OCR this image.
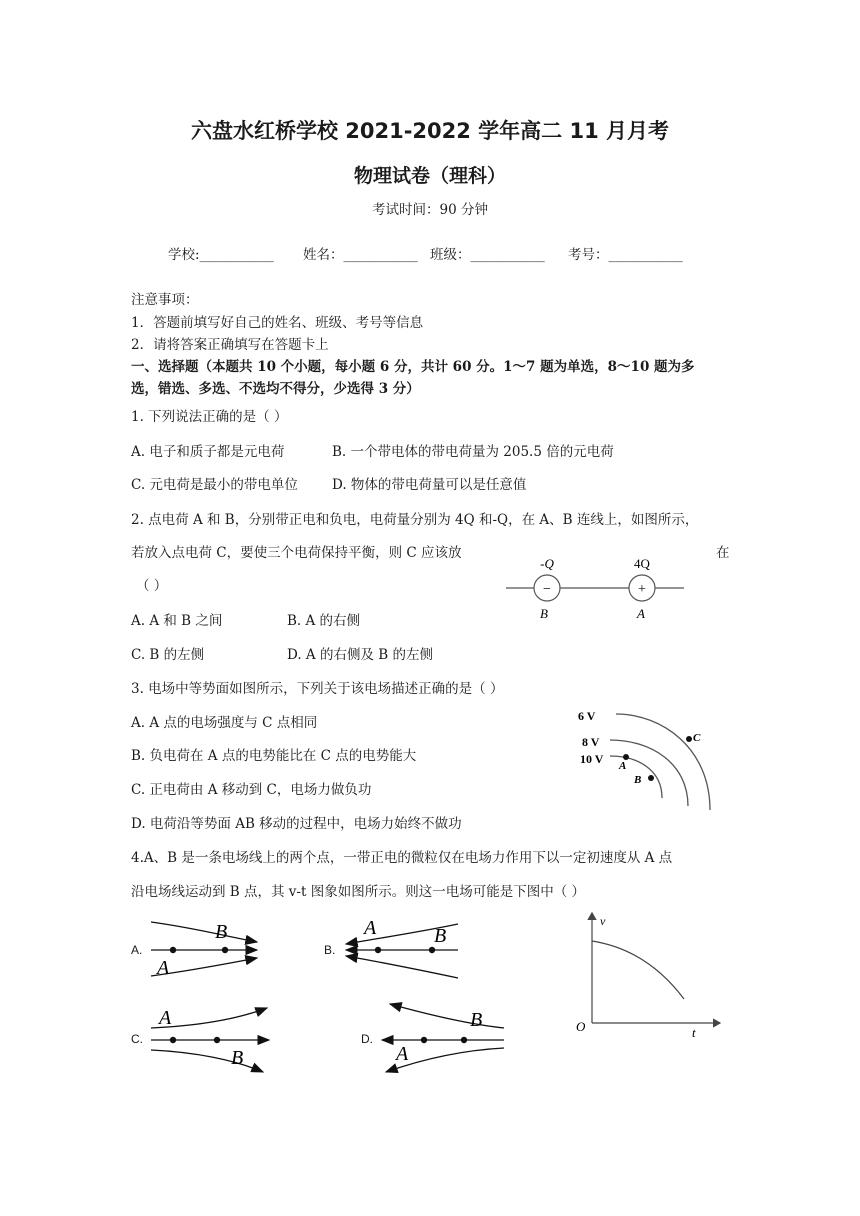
六盘水红桥学校 2021-2022 学年高二 11 月月考
物理试卷（理科）
考试时间：90 分钟
学校:___________ 姓名：___________ 班级：___________ 考号：___________
注意事项：
1．答题前填写好自己的姓名、班级、考号等信息
2．请将答案正确填写在答题卡上
一、选择题（本题共 10 个小题，每小题 6 分，共计 60 分。1～7 题为单选，8～10 题为多
选，错选、多选、不选均不得分，少选得 3 分）
1. 下列说法正确的是（ ）
A. 电子和质子都是元电荷	B. 一个带电体的带电荷量为 205.5 倍的元电荷
C. 元电荷是最小的带电单位	D. 物体的带电荷量可以是任意值
2. 点电荷 A 和 B，分别带正电和负电，电荷量分别为 4Q 和-Q，在 A、B 连线上，如图所示，
若放入点电荷 C，要使三个电荷保持平衡，则 C 应该放	在
（ ）	−	+
-Q	4Q
B	A
A. A 和 B 之间	B. A 的右侧
C. B 的左侧	D. A 的右侧及 B 的左侧
3. 电场中等势面如图所示，下列关于该电场描述正确的是（ ）
A. A 点的电场强度与 C 点相同
B. 负电荷在 A 点的电势能比在 C 点的电势能大
C. 正电荷由 A 移动到 C，电场力做负功
D. 电荷沿等势面 AB 移动的过程中，电场力始终不做功
6 V
8 V
10 V A
B
C
4.A、B 是一条电场线上的两个点，一带正电的微粒仅在电场力作用下以一定初速度从 A 点
沿电场线运动到 B 点，其 v-t 图象如图所示。则这一电场可能是下图中（ ）
A.
B
A
B.
A	B
C.
A
B
D.
B
A
v
t
O
